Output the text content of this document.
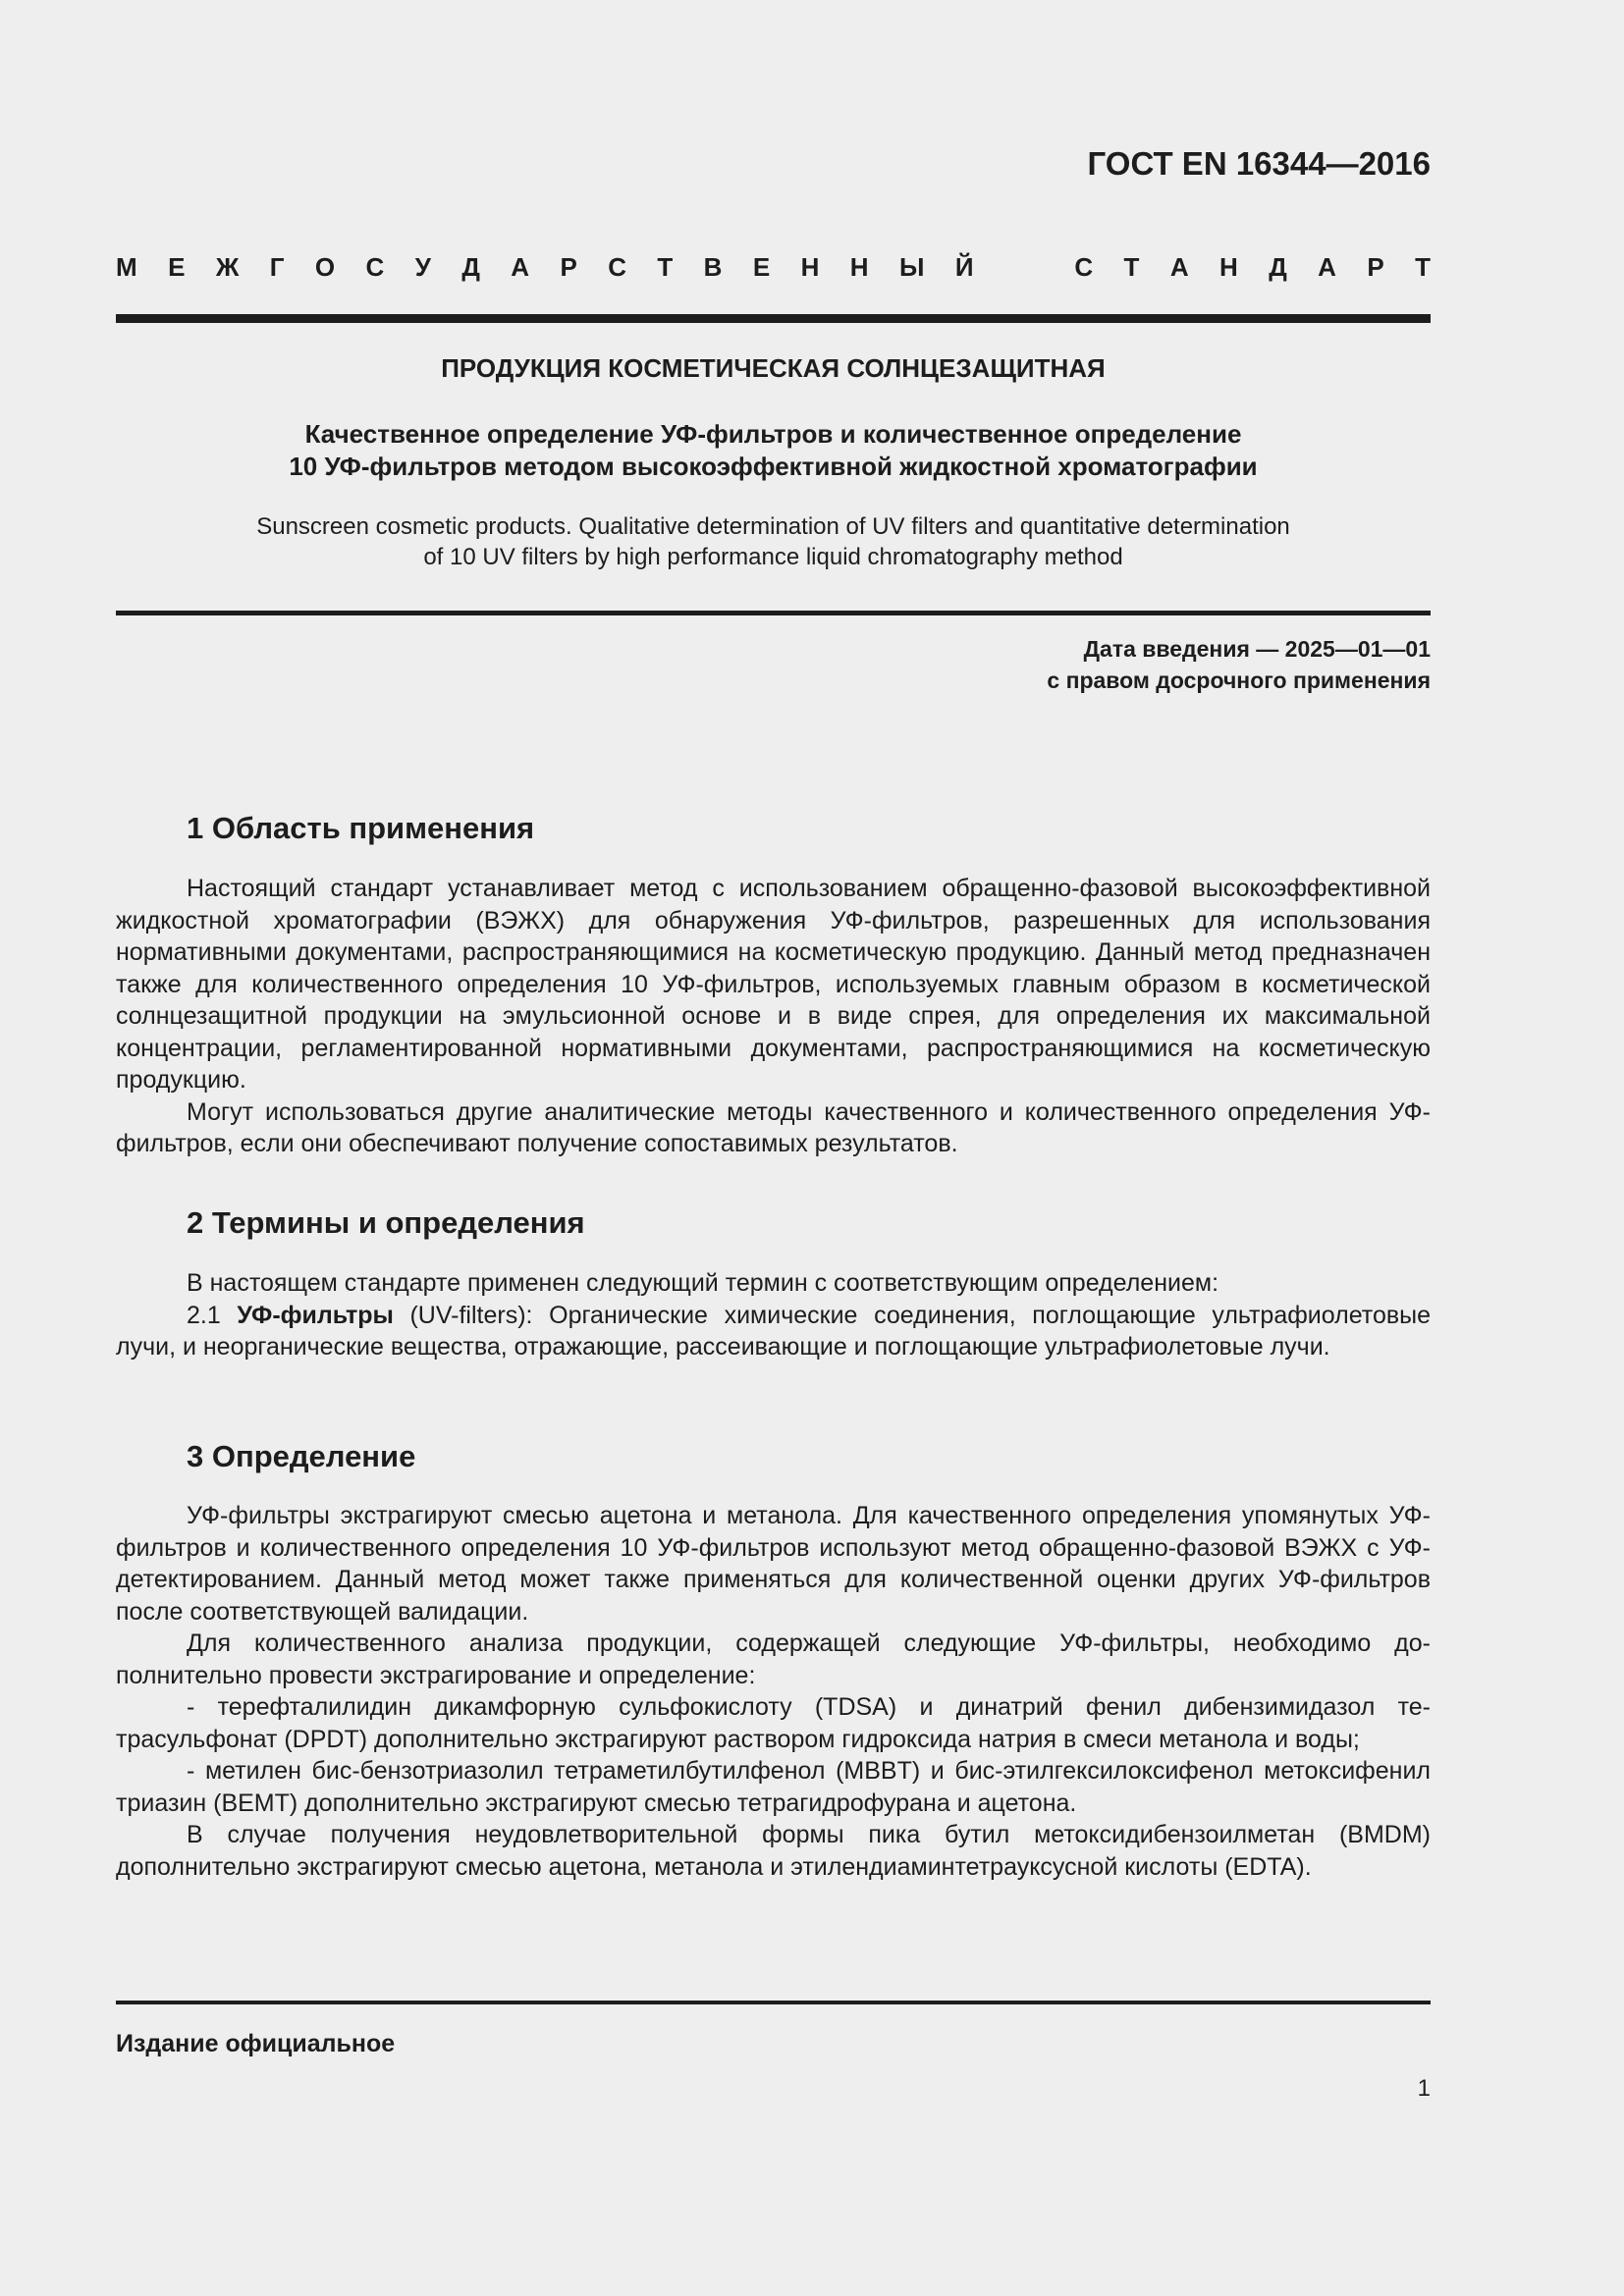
ГОСТ EN 16344—2016
М Е Ж Г О С У Д А Р С Т В Е Н Н Ы Й	С Т А Н Д А Р Т
ПРОДУКЦИЯ КОСМЕТИЧЕСКАЯ СОЛНЦЕЗАЩИТНАЯ
Качественное определение УФ-фильтров и количественное определение
10 УФ-фильтров методом высокоэффективной жидкостной хроматографии
Sunscreen cosmetic products. Qualitative determination of UV filters and quantitative determination
of 10 UV filters by high performance liquid chromatography method
Дата введения — 2025—01—01
с правом досрочного применения
1 Область применения

Настоящий стандарт устанавливает метод с использованием обращенно-фазовой высокоэффективной жидкостной хроматографии (ВЭЖХ) для обнаружения УФ-фильтров, разрешенных для использования нормативными документами, распространяющимися на косметическую продукцию. Данный метод предназначен также для количественного определения 10 УФ-фильтров, используемых главным образом в косметической солнцезащитной продукции на эмульсионной основе и в виде спрея, для определения их максимальной концентрации, регламентированной нормативными документами, распространяющимися на косметическую продукцию.

Могут использоваться другие аналитические методы качественного и количественного определения УФ-фильтров, если они обеспечивают получение сопоставимых результатов.

2 Термины и определения

В настоящем стандарте применен следующий термин с соответствующим определением:

2.1 УФ-фильтры (UV-filters): Органические химические соединения, поглощающие ультрафиолетовые лучи, и неорганические вещества, отражающие, рассеивающие и поглощающие ультрафиолетовые лучи.

3 Определение

УФ-фильтры экстрагируют смесью ацетона и метанола. Для качественного определения упомянутых УФ-фильтров и количественного определения 10 УФ-фильтров используют метод обращенно-фазовой ВЭЖХ с УФ-детектированием. Данный метод может также применяться для количественной оценки других УФ-фильтров после соответствующей валидации.

Для количественного анализа продукции, содержащей следующие УФ-фильтры, необходимо дополнительно провести экстрагирование и определение:

- терефталилидин дикамфорную сульфокислоту (TDSA) и динатрий фенил дибензимидазол тетрасульфонат (DPDT) дополнительно экстрагируют раствором гидроксида натрия в смеси метанола и воды;

- метилен бис-бензотриазолил тетраметилбутилфенол (MBBT) и бис-этилгексилоксифенол метоксифенил триазин (BEMT) дополнительно экстрагируют смесью тетрагидрофурана и ацетона.

В случае получения неудовлетворительной формы пика бутил метоксидибензоилметан (BMDM) дополнительно экстрагируют смесью ацетона, метанола и этилендиаминтетрауксусной кислоты (EDTA).

Издание официальное
1
